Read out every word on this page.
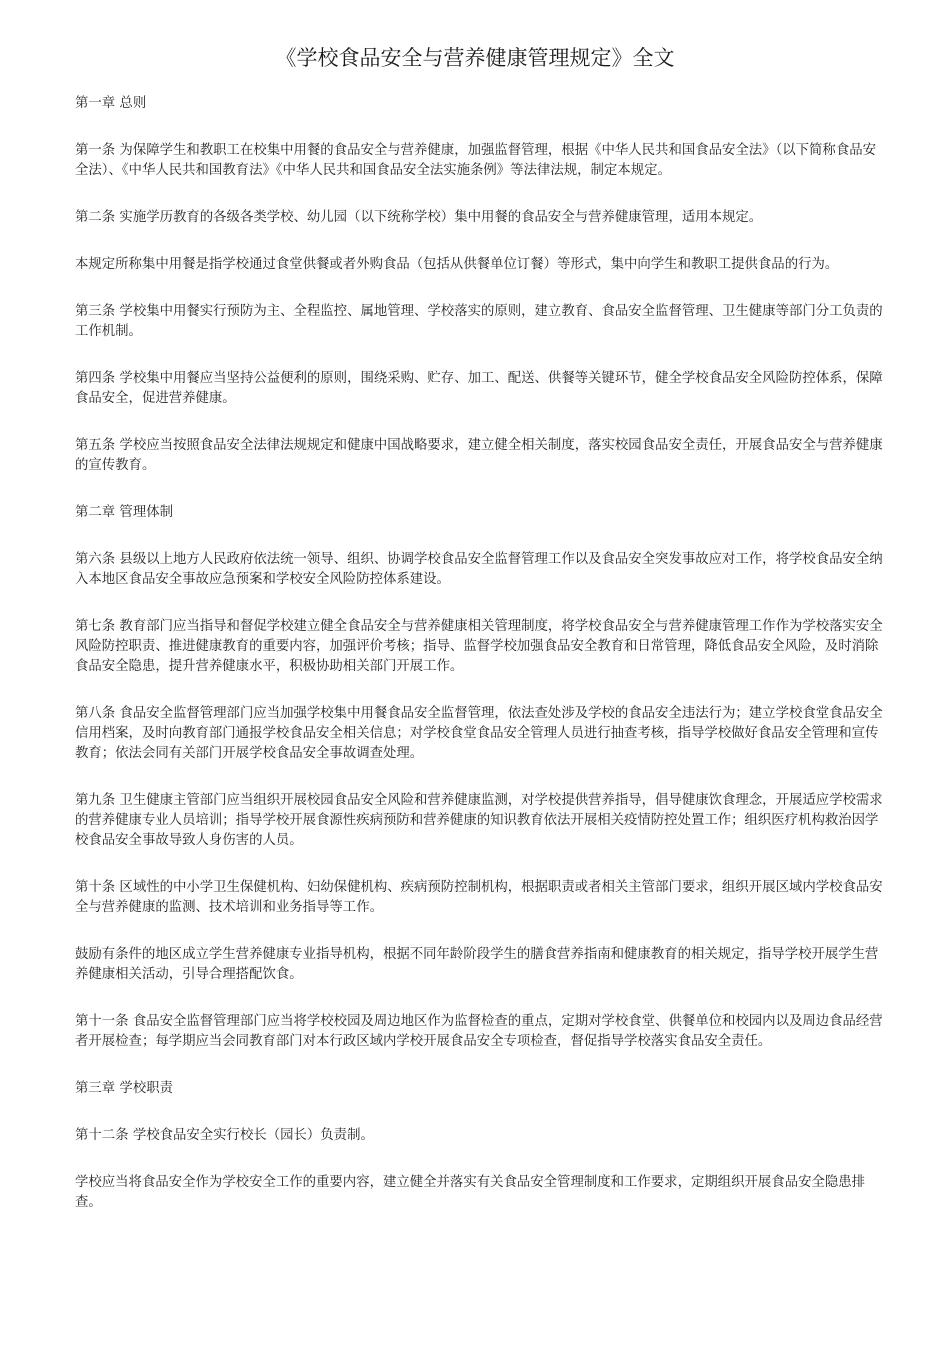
《学校食品安全与营养健康管理规定》全文

第一章 总则

第一条 为保障学生和教职工在校集中用餐的食品安全与营养健康，加强监督管理，根据《中华人民共和国食品安全法》（以下简称食品安全法）、《中华人民共和国教育法》《中华人民共和国食品安全法实施条例》等法律法规，制定本规定。

第二条 实施学历教育的各级各类学校、幼儿园（以下统称学校）集中用餐的食品安全与营养健康管理，适用本规定。

本规定所称集中用餐是指学校通过食堂供餐或者外购食品（包括从供餐单位订餐）等形式，集中向学生和教职工提供食品的行为。

第三条 学校集中用餐实行预防为主、全程监控、属地管理、学校落实的原则，建立教育、食品安全监督管理、卫生健康等部门分工负责的工作机制。

第四条 学校集中用餐应当坚持公益便利的原则，围绕采购、贮存、加工、配送、供餐等关键环节，健全学校食品安全风险防控体系，保障食品安全，促进营养健康。

第五条 学校应当按照食品安全法律法规规定和健康中国战略要求，建立健全相关制度，落实校园食品安全责任，开展食品安全与营养健康的宣传教育。

第二章 管理体制

第六条 县级以上地方人民政府依法统一领导、组织、协调学校食品安全监督管理工作以及食品安全突发事故应对工作，将学校食品安全纳入本地区食品安全事故应急预案和学校安全风险防控体系建设。

第七条 教育部门应当指导和督促学校建立健全食品安全与营养健康相关管理制度，将学校食品安全与营养健康管理工作作为学校落实安全风险防控职责、推进健康教育的重要内容，加强评价考核；指导、监督学校加强食品安全教育和日常管理，降低食品安全风险，及时消除食品安全隐患，提升营养健康水平，积极协助相关部门开展工作。

第八条 食品安全监督管理部门应当加强学校集中用餐食品安全监督管理，依法查处涉及学校的食品安全违法行为；建立学校食堂食品安全信用档案，及时向教育部门通报学校食品安全相关信息；对学校食堂食品安全管理人员进行抽查考核，指导学校做好食品安全管理和宣传教育；依法会同有关部门开展学校食品安全事故调查处理。

第九条 卫生健康主管部门应当组织开展校园食品安全风险和营养健康监测，对学校提供营养指导，倡导健康饮食理念，开展适应学校需求的营养健康专业人员培训；指导学校开展食源性疾病预防和营养健康的知识教育依法开展相关疫情防控处置工作；组织医疗机构救治因学校食品安全事故导致人身伤害的人员。

第十条 区域性的中小学卫生保健机构、妇幼保健机构、疾病预防控制机构，根据职责或者相关主管部门要求，组织开展区域内学校食品安全与营养健康的监测、技术培训和业务指导等工作。

鼓励有条件的地区成立学生营养健康专业指导机构，根据不同年龄阶段学生的膳食营养指南和健康教育的相关规定，指导学校开展学生营养健康相关活动，引导合理搭配饮食。

第十一条 食品安全监督管理部门应当将学校校园及周边地区作为监督检查的重点，定期对学校食堂、供餐单位和校园内以及周边食品经营者开展检查；每学期应当会同教育部门对本行政区域内学校开展食品安全专项检查，督促指导学校落实食品安全责任。

第三章 学校职责

第十二条 学校食品安全实行校长（园长）负责制。

学校应当将食品安全作为学校安全工作的重要内容，建立健全并落实有关食品安全管理制度和工作要求，定期组织开展食品安全隐患排查。
